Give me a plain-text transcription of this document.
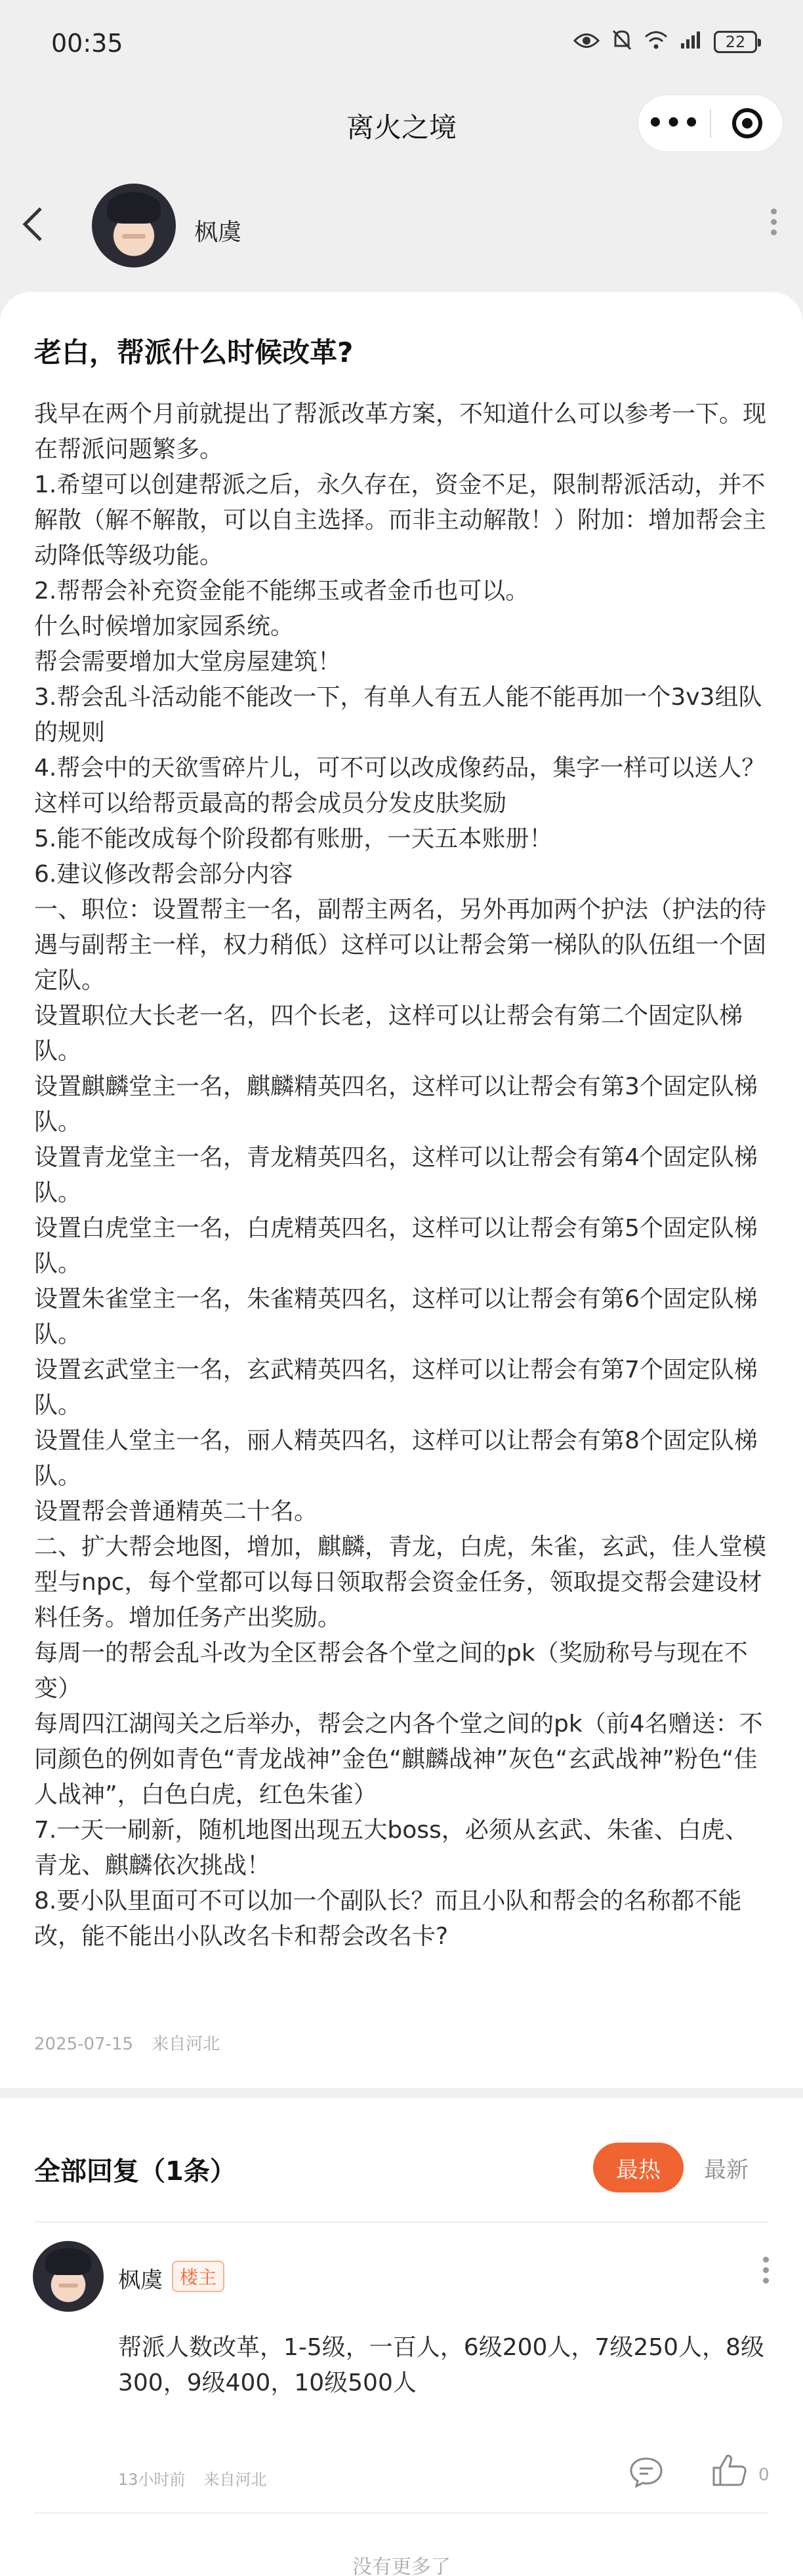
00:35	22
离火之境	•••
枫虞
老白，帮派什么时候改革?
我早在两个月前就提出了帮派改革方案，不知道什么可以参考一下。现在帮派问题繁多。
1.希望可以创建帮派之后，永久存在，资金不足，限制帮派活动，并不解散（解不解散，可以自主选择。而非主动解散！）附加：增加帮会主动降低等级功能。
2.帮帮会补充资金能不能绑玉或者金币也可以。
什么时候增加家园系统。
帮会需要增加大堂房屋建筑！
3.帮会乱斗活动能不能改一下，有单人有五人能不能再加一个3v3组队的规则
4.帮会中的天欲雪碎片儿，可不可以改成像药品，集字一样可以送人？这样可以给帮贡最高的帮会成员分发皮肤奖励
5.能不能改成每个阶段都有账册，一天五本账册！
6.建议修改帮会部分内容
一、职位：设置帮主一名，副帮主两名，另外再加两个护法（护法的待遇与副帮主一样，权力稍低）这样可以让帮会第一梯队的队伍组一个固定队。
设置职位大长老一名，四个长老，这样可以让帮会有第二个固定队梯队。
设置麒麟堂主一名，麒麟精英四名，这样可以让帮会有第3个固定队梯队。
设置青龙堂主一名，青龙精英四名，这样可以让帮会有第4个固定队梯队。
设置白虎堂主一名，白虎精英四名，这样可以让帮会有第5个固定队梯队。
设置朱雀堂主一名，朱雀精英四名，这样可以让帮会有第6个固定队梯队。
设置玄武堂主一名，玄武精英四名，这样可以让帮会有第7个固定队梯队。
设置佳人堂主一名，丽人精英四名，这样可以让帮会有第8个固定队梯队。
设置帮会普通精英二十名。
二、扩大帮会地图，增加，麒麟，青龙，白虎，朱雀，玄武，佳人堂模型与npc，每个堂都可以每日领取帮会资金任务，领取提交帮会建设材料任务。增加任务产出奖励。
每周一的帮会乱斗改为全区帮会各个堂之间的pk（奖励称号与现在不变）
每周四江湖闯关之后举办，帮会之内各个堂之间的pk（前4名赠送：不同颜色的例如青色“青龙战神”金色“麒麟战神”灰色“玄武战神”粉色“佳人战神”，白色白虎，红色朱雀）
7.一天一刷新，随机地图出现五大boss，必须从玄武、朱雀、白虎、青龙、麒麟依次挑战！
8.要小队里面可不可以加一个副队长？而且小队和帮会的名称都不能改，能不能出小队改名卡和帮会改名卡?
2025-07-15 来自河北
全部回复（1条）	最热	最新
枫虞 楼主
帮派人数改革，1-5级，一百人，6级200人，7级250人，8级300，9级400，10级500人
13小时前 来自河北	0
没有更多了
